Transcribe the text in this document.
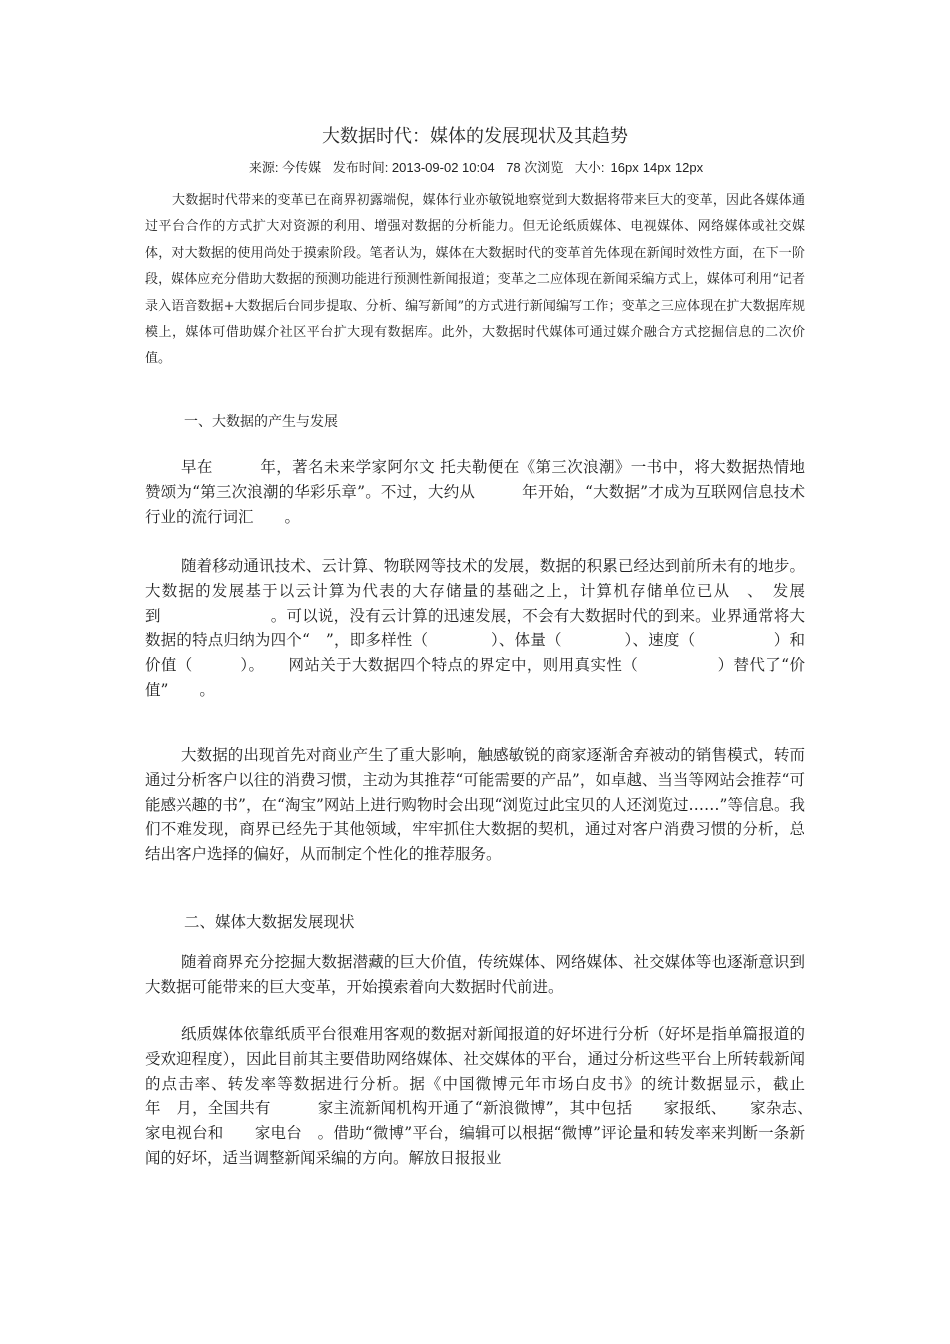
大数据时代：媒体的发展现状及其趋势
来源: 今传媒 发布时间: 2013-09-02 10:04 78 次浏览 大小: 16px 14px 12px

大数据时代带来的变革已在商界初露端倪，媒体行业亦敏锐地察觉到大数据将带来巨大的变革，因此各媒体通过平台合作的方式扩大对资源的利用、增强对数据的分析能力。但无论纸质媒体、电视媒体、网络媒体或社交媒体，对大数据的使用尚处于摸索阶段。笔者认为，媒体在大数据时代的变革首先体现在新闻时效性方面，在下一阶段，媒体应充分借助大数据的预测功能进行预测性新闻报道；变革之二应体现在新闻采编方式上，媒体可利用“记者录入语音数据+大数据后台同步提取、分析、编写新闻”的方式进行新闻编写工作；变革之三应体现在扩大数据库规模上，媒体可借助媒介社区平台扩大现有数据库。此外，大数据时代媒体可通过媒介融合方式挖掘信息的二次价值。

一、大数据的产生与发展

早在　　　年，著名未来学家阿尔文 托夫勒便在《第三次浪潮》一书中，将大数据热情地赞颂为“第三次浪潮的华彩乐章”。不过，大约从　　　年开始，“大数据”才成为互联网信息技术行业的流行词汇　　。

随着移动通讯技术、云计算、物联网等技术的发展，数据的积累已经达到前所未有的地步。大数据的发展基于以云计算为代表的大存储量的基础之上，计算机存储单位已从　、　发展到　　　　　　　。可以说，没有云计算的迅速发展，不会有大数据时代的到来。业界通常将大数据的特点归纳为四个“　”，即多样性（　　　　）、体量（　　　　）、速度（　　　　　）和价值（　　　）。　　网站关于大数据四个特点的界定中，则用真实性（　　　　　）替代了“价值”　　。

大数据的出现首先对商业产生了重大影响，触感敏锐的商家逐渐舍弃被动的销售模式，转而通过分析客户以往的消费习惯，主动为其推荐“可能需要的产品”，如卓越、当当等网站会推荐“可能感兴趣的书”，在“淘宝”网站上进行购物时会出现“浏览过此宝贝的人还浏览过……”等信息。我们不难发现，商界已经先于其他领域，牢牢抓住大数据的契机，通过对客户消费习惯的分析，总结出客户选择的偏好，从而制定个性化的推荐服务。

二、媒体大数据发展现状

随着商界充分挖掘大数据潜藏的巨大价值，传统媒体、网络媒体、社交媒体等也逐渐意识到大数据可能带来的巨大变革，开始摸索着向大数据时代前进。

纸质媒体依靠纸质平台很难用客观的数据对新闻报道的好坏进行分析（好坏是指单篇报道的受欢迎程度），因此目前其主要借助网络媒体、社交媒体的平台，通过分析这些平台上所转载新闻的点击率、转发率等数据进行分析。据《中国微博元年市场白皮书》的统计数据显示，截止　　　年　月，全国共有　　　家主流新闻机构开通了“新浪微博”，其中包括　　家报纸、　　家杂志、　　家电视台和　　家电台　。借助“微博”平台，编辑可以根据“微博”评论量和转发率来判断一条新闻的好坏，适当调整新闻采编的方向。解放日报报业
